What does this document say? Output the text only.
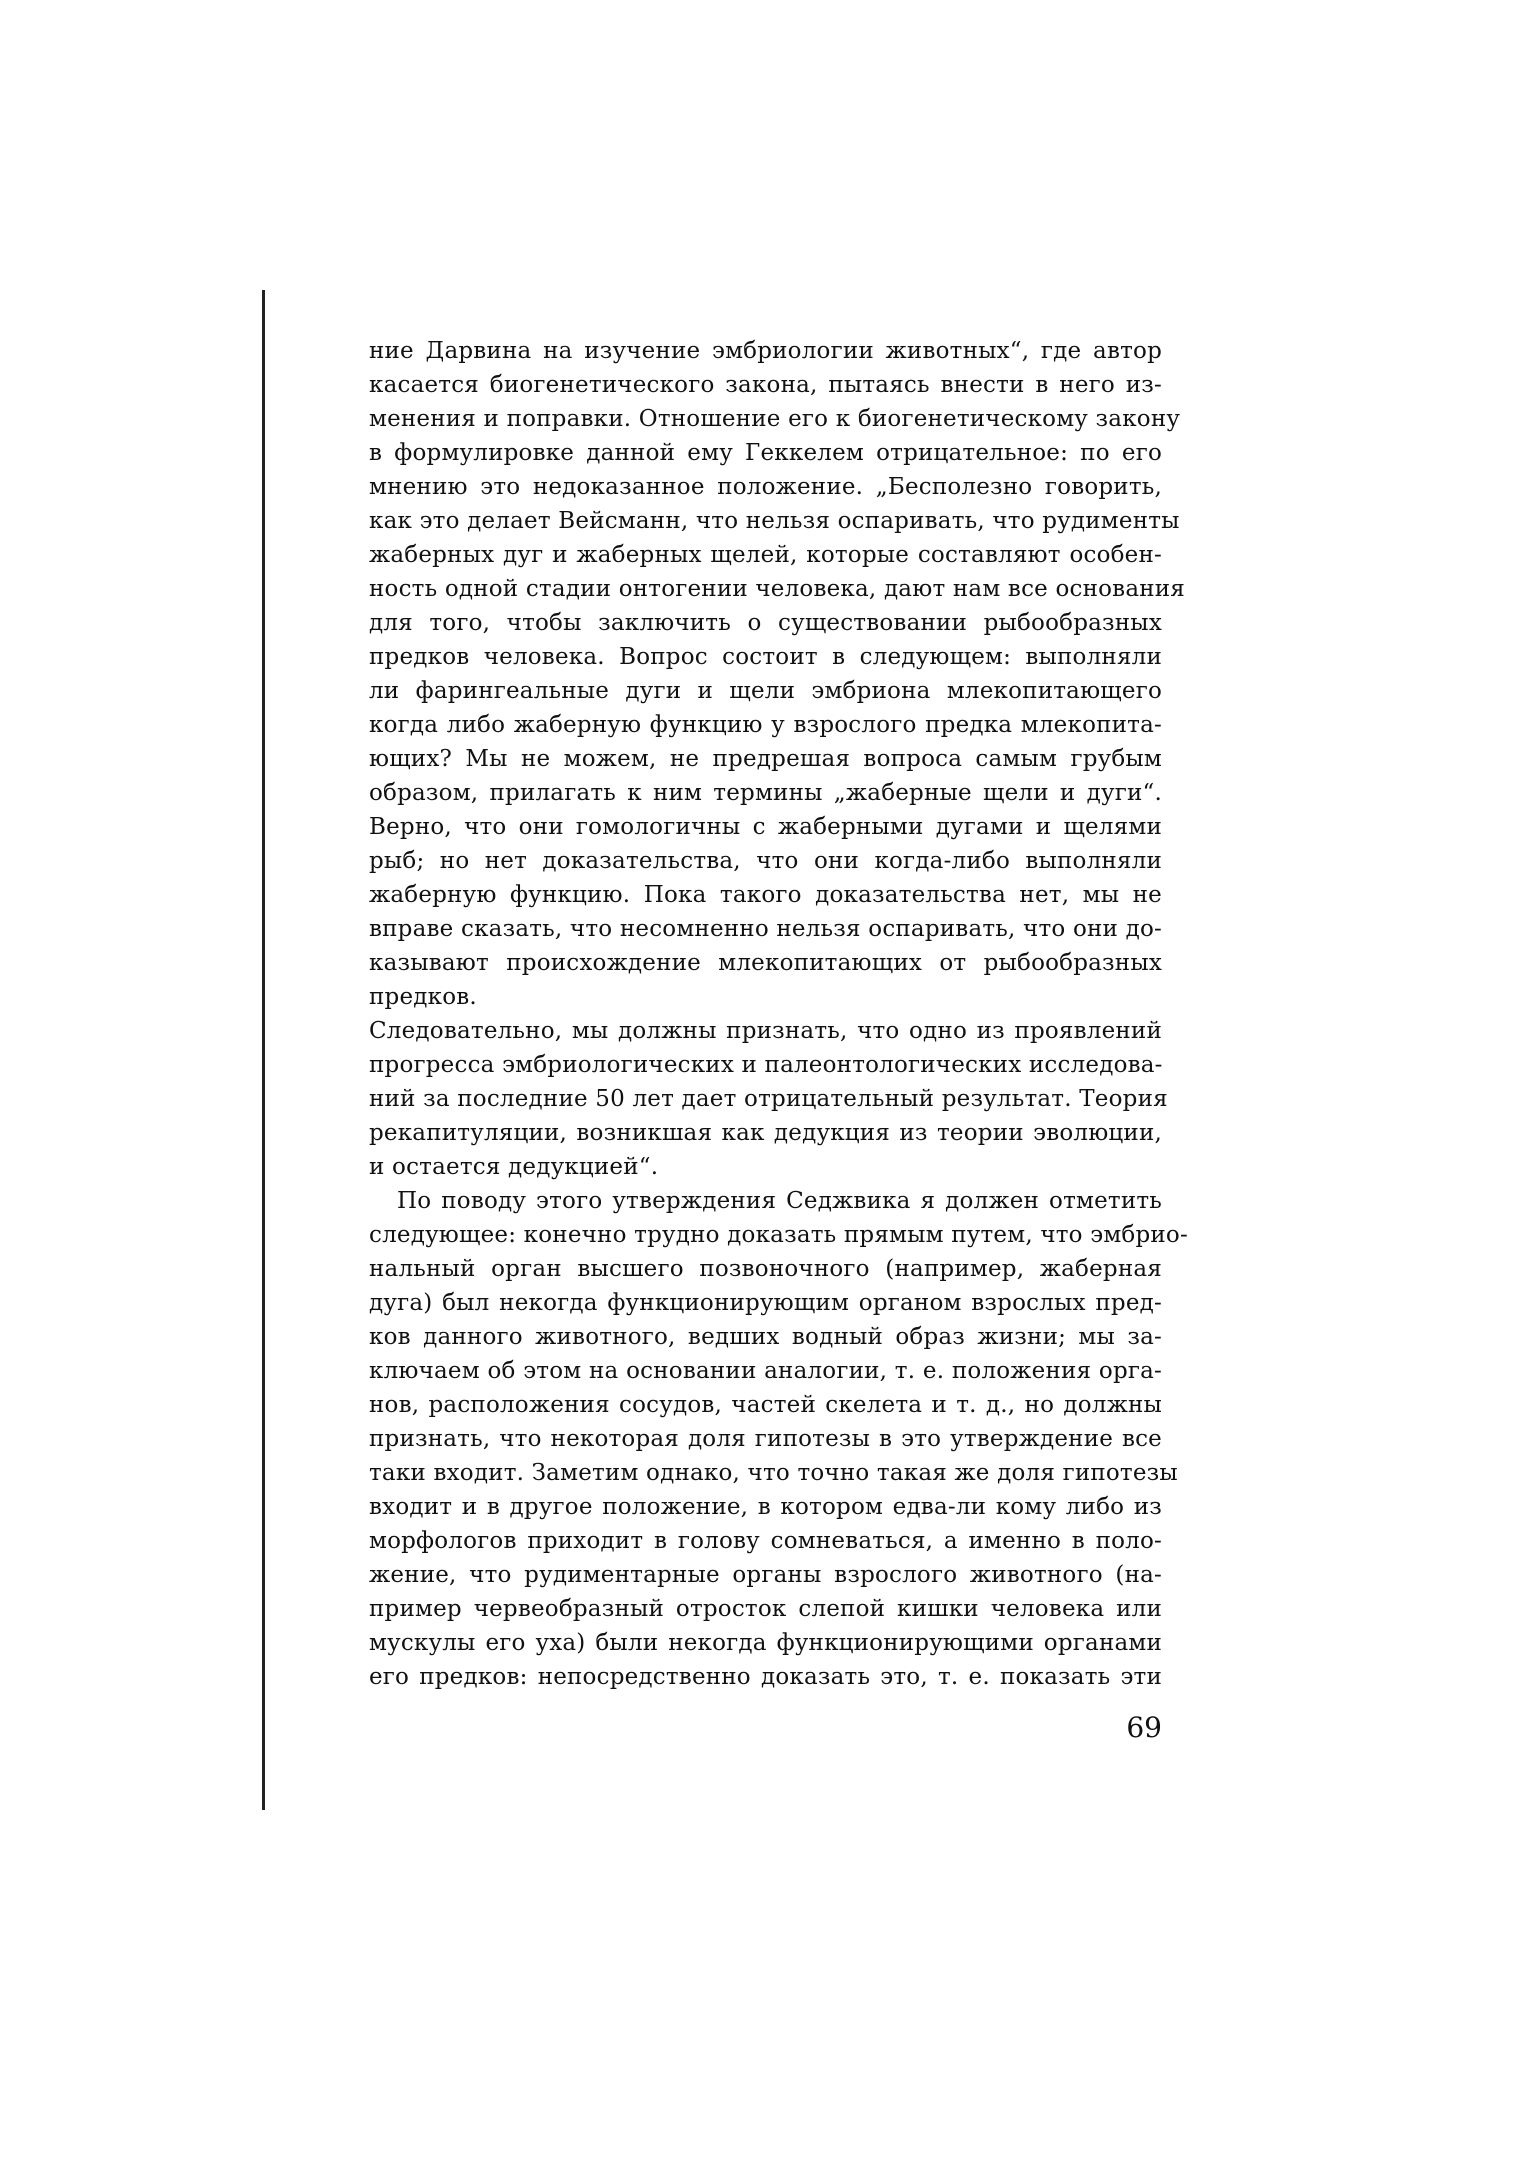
ние Дарвина на изучение эмбриологии животных“, где автор
касается биогенетического закона, пытаясь внести в него из-
менения и поправки. Отношение его к биогенетическому закону
в формулировке данной ему Геккелем отрицательное: по его
мнению это недоказанное положение. „Бесполезно говорить,
как это делает Вейсманн, что нельзя оспаривать, что рудименты
жаберных дуг и жаберных щелей, которые составляют особен-
ность одной стадии онтогении человека, дают нам все основания
для того, чтобы заключить о существовании рыбообразных
предков человека. Вопрос состоит в следующем: выполняли
ли фарингеальные дуги и щели эмбриона млекопитающего
когда либо жаберную функцию у взрослого предка млекопита-
ющих? Мы не можем, не предрешая вопроса самым грубым
образом, прилагать к ним термины „жаберные щели и дуги“.
Верно, что они гомологичны с жаберными дугами и щелями
рыб; но нет доказательства, что они когда-либо выполняли
жаберную функцию. Пока такого доказательства нет, мы не
вправе сказать, что несомненно нельзя оспаривать, что они до-
казывают происхождение млекопитающих от рыбообразных
предков.
Следовательно, мы должны признать, что одно из проявлений
прогресса эмбриологических и палеонтологических исследова-
ний за последние 50 лет дает отрицательный результат. Теория
рекапитуляции, возникшая как дедукция из теории эволюции,
и остается дедукцией“.
По поводу этого утверждения Седжвика я должен отметить
следующее: конечно трудно доказать прямым путем, что эмбрио-
нальный орган высшего позвоночного (например, жаберная
дуга) был некогда функционирующим органом взрослых пред-
ков данного животного, ведших водный образ жизни; мы за-
ключаем об этом на основании аналогии, т. е. положения орга-
нов, расположения сосудов, частей скелета и т. д., но должны
признать, что некоторая доля гипотезы в это утверждение все
таки входит. Заметим однако, что точно такая же доля гипотезы
входит и в другое положение, в котором едва-ли кому либо из
морфологов приходит в голову сомневаться, а именно в поло-
жение, что рудиментарные органы взрослого животного (на-
пример червеобразный отросток слепой кишки человека или
мускулы его уха) были некогда функционирующими органами
его предков: непосредственно доказать это, т. е. показать эти
69
